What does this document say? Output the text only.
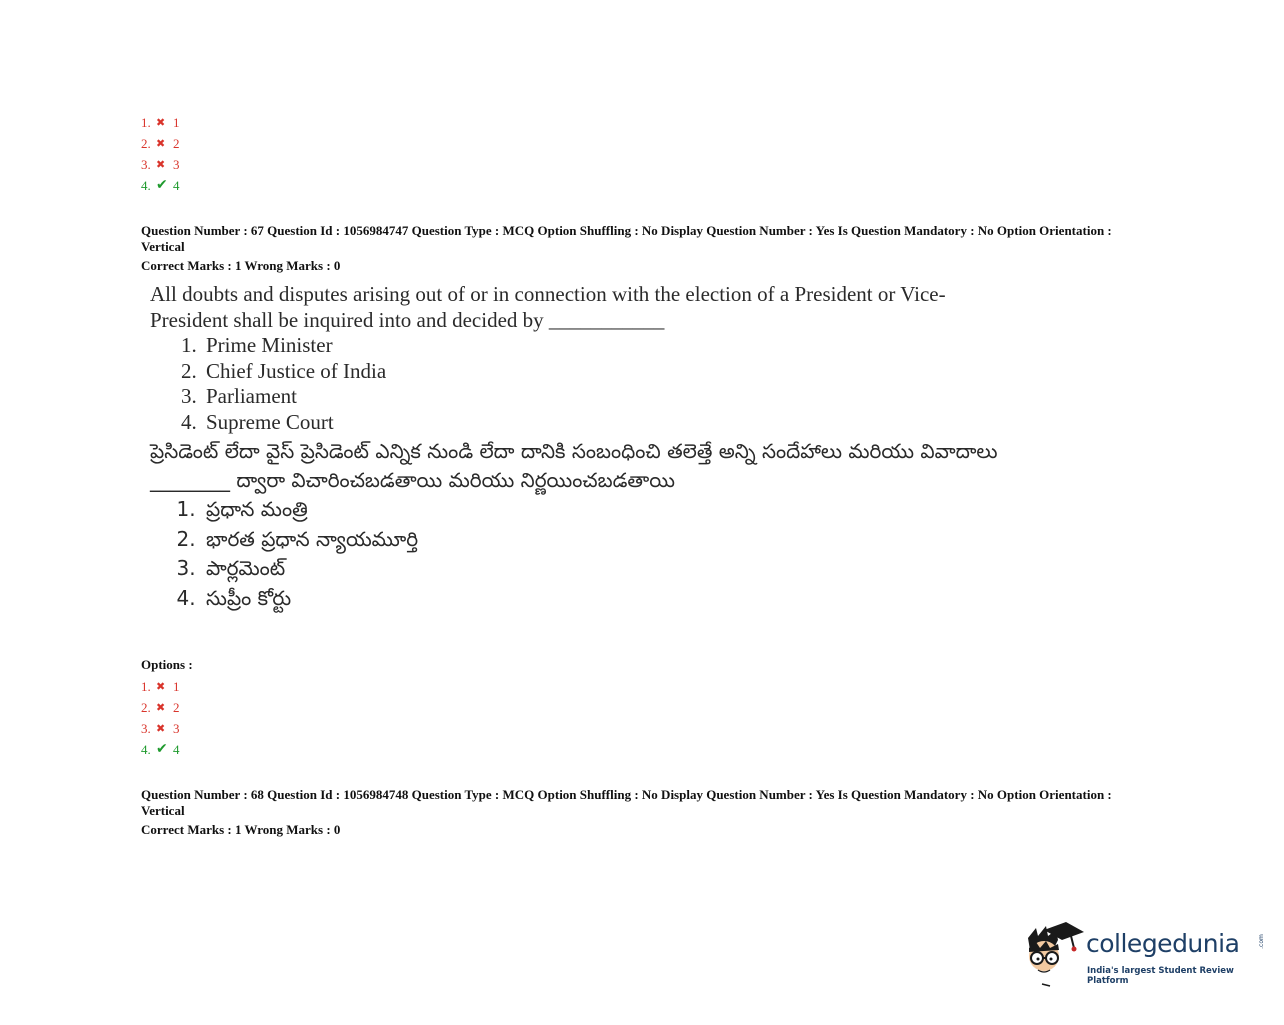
1. ✖ 1
2. ✖ 2
3. ✖ 3
4. ✔ 4
Question Number : 67 Question Id : 1056984747 Question Type : MCQ Option Shuffling : No Display Question Number : Yes Is Question Mandatory : No Option Orientation : Vertical
Correct Marks : 1 Wrong Marks : 0
All doubts and disputes arising out of or in connection with the election of a President or Vice-President shall be inquired into and decided by ___________
1. Prime Minister
2. Chief Justice of India
3. Parliament
4. Supreme Court
ప్రెసిడెంట్ లేదా వైస్ ప్రెసిడెంట్ ఎన్నిక నుండి లేదా దానికి సంబంధించి తలెత్తే అన్ని సందేహాలు మరియు వివాదాలు ________ ద్వారా విచారించబడతాయి మరియు నిర్ణయించబడతాయి
1. ప్రధాన మంత్రి
2. భారత ప్రధాన న్యాయమూర్తి
3. పార్లమెంట్
4. సుప్రీం కోర్టు
Options :
1. ✖ 1
2. ✖ 2
3. ✖ 3
4. ✔ 4
Question Number : 68 Question Id : 1056984748 Question Type : MCQ Option Shuffling : No Display Question Number : Yes Is Question Mandatory : No Option Orientation : Vertical
Correct Marks : 1 Wrong Marks : 0
collegedunia	.com
India's largest Student Review Platform
